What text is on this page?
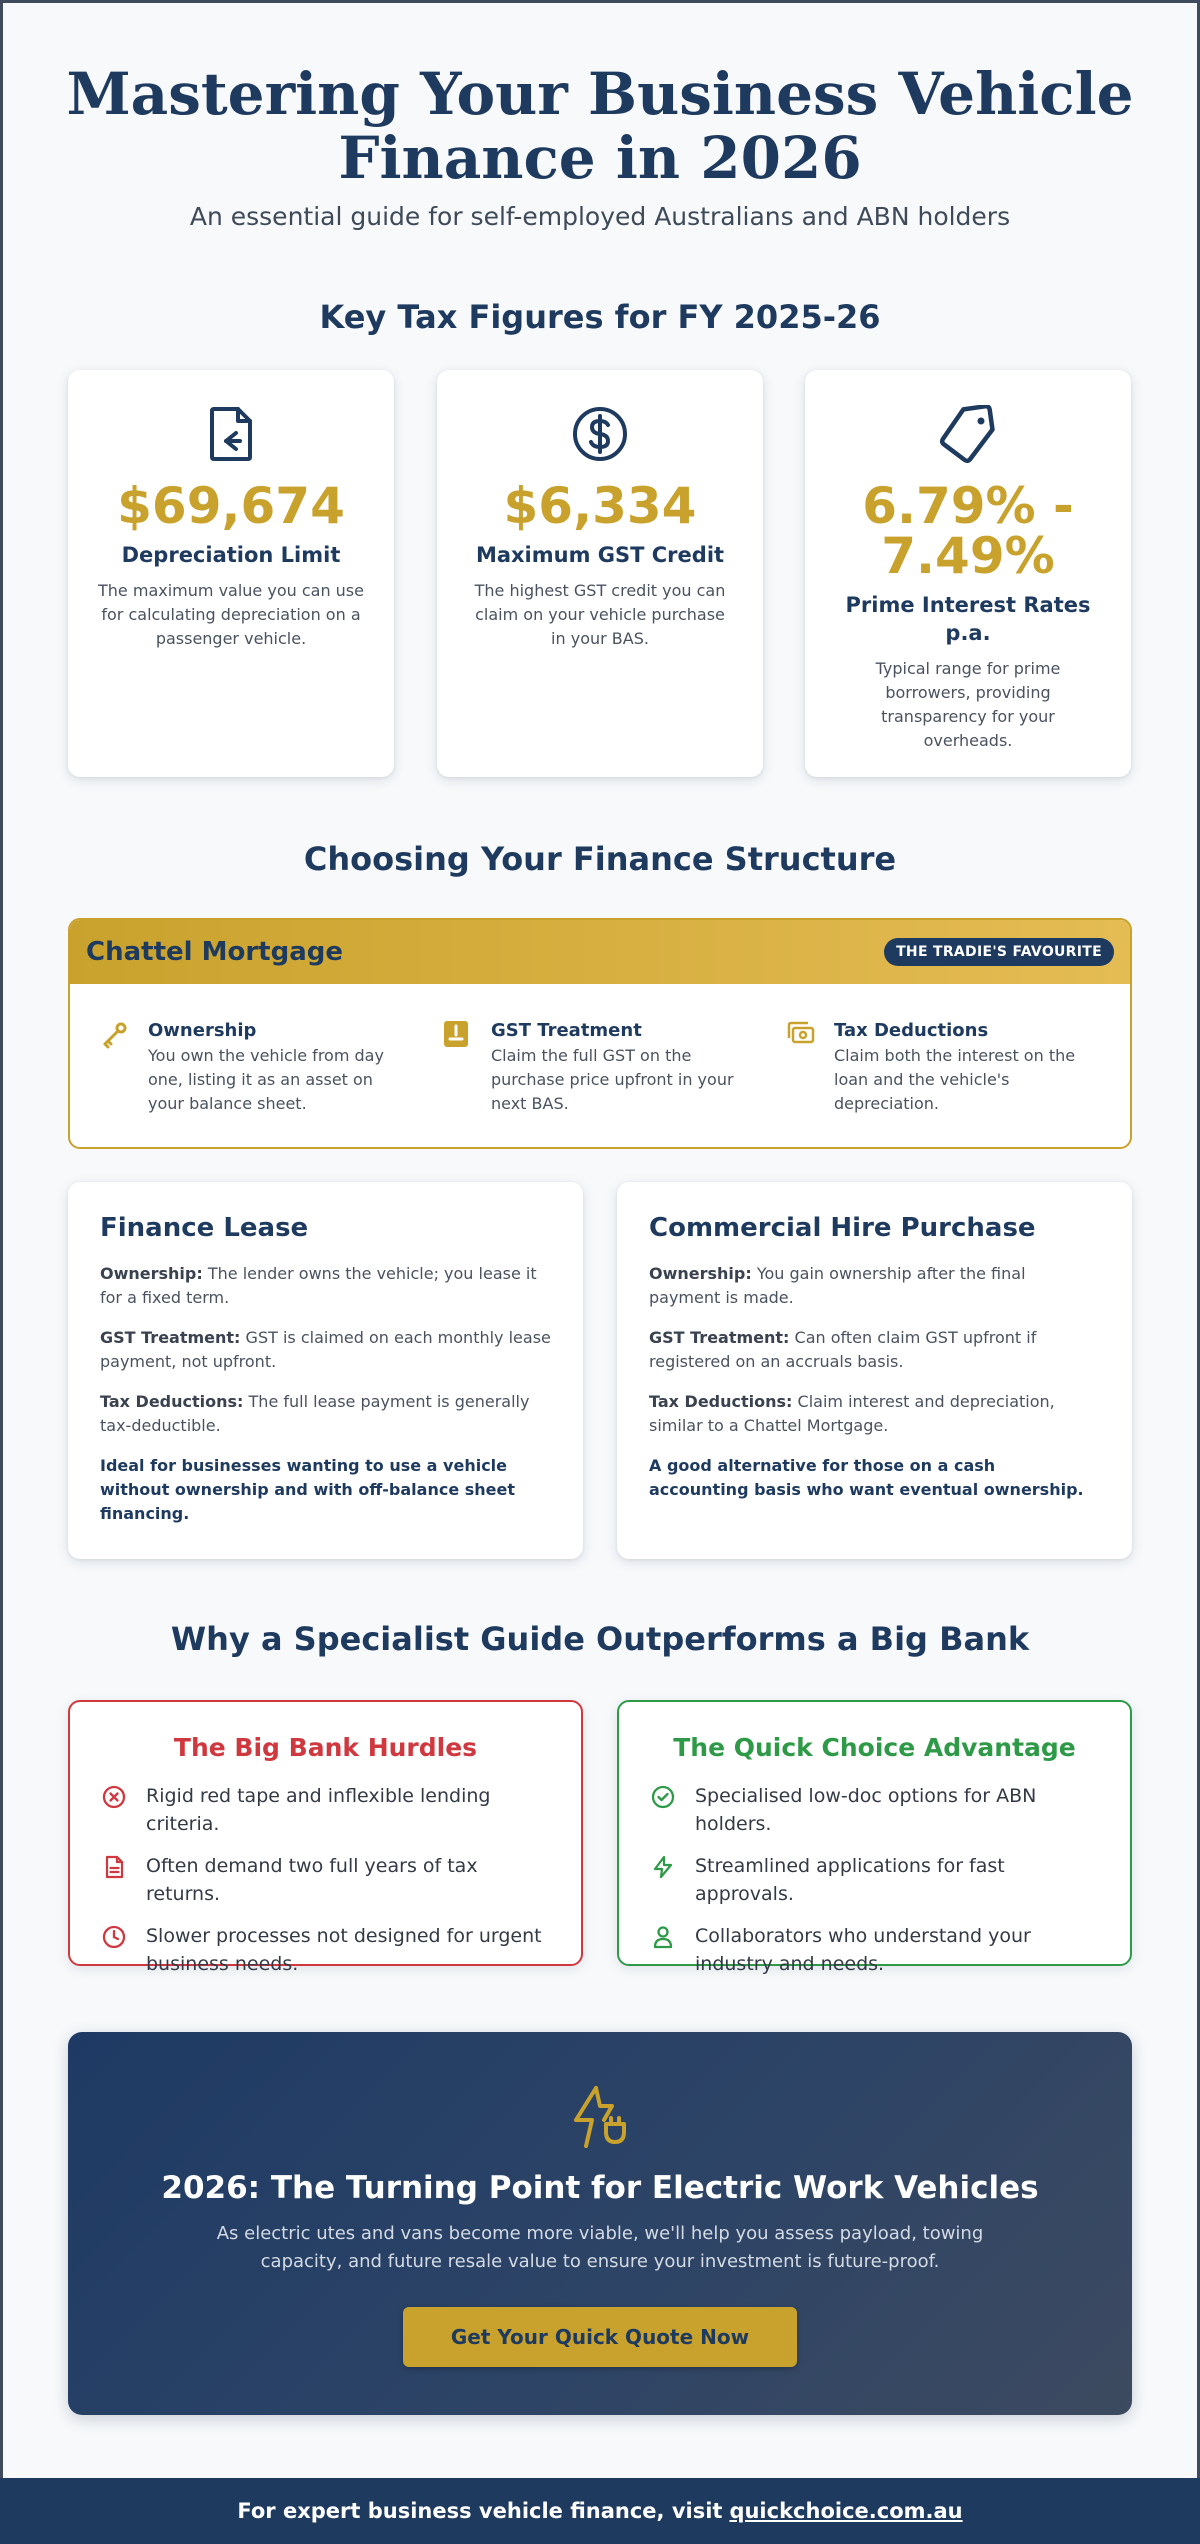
Mastering Your Business Vehicle Finance in 2026

An essential guide for self-employed Australians and ABN holders

Key Tax Figures for FY 2025-26
$69,674
Depreciation Limit
The maximum value you can use for calculating depreciation on a passenger vehicle.
$6,334
Maximum GST Credit
The highest GST credit you can claim on your vehicle purchase in your BAS.
6.79% - 7.49%
Prime Interest Rates p.a.
Typical range for prime borrowers, providing transparency for your overheads.
Choosing Your Finance Structure
Chattel Mortgage	THE TRADIE'S FAVOURITE
Ownership
You own the vehicle from day one, listing it as an asset on your balance sheet.
GST Treatment
Claim the full GST on the purchase price upfront in your next BAS.
Tax Deductions
Claim both the interest on the loan and the vehicle's depreciation.
Finance Lease

Ownership: The lender owns the vehicle; you lease it for a fixed term.

GST Treatment: GST is claimed on each monthly lease payment, not upfront.

Tax Deductions: The full lease payment is generally tax-deductible.

Ideal for businesses wanting to use a vehicle without ownership and with off-balance sheet financing.

Commercial Hire Purchase

Ownership: You gain ownership after the final payment is made.

GST Treatment: Can often claim GST upfront if registered on an accruals basis.

Tax Deductions: Claim interest and depreciation, similar to a Chattel Mortgage.

A good alternative for those on a cash accounting basis who want eventual ownership.

Why a Specialist Guide Outperforms a Big Bank
The Big Bank Hurdles
Rigid red tape and inflexible lending criteria.
Often demand two full years of tax returns.
Slower processes not designed for urgent business needs.
The Quick Choice Advantage
Specialised low-doc options for ABN holders.
Streamlined applications for fast approvals.
Collaborators who understand your industry and needs.
2026: The Turning Point for Electric Work Vehicles
As electric utes and vans become more viable, we'll help you assess payload, towing capacity, and future resale value to ensure your investment is future-proof.
Get Your Quick Quote Now
For expert business vehicle finance, visit quickchoice.com.au
